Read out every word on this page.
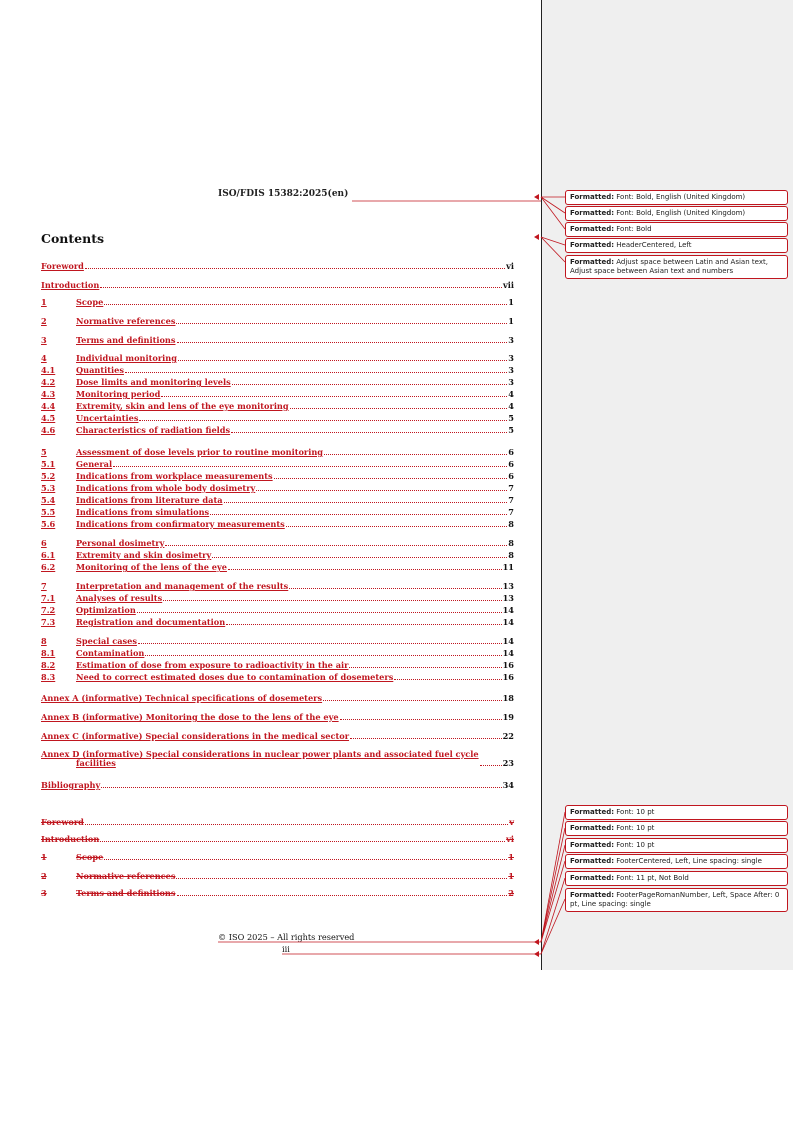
ISO/FDIS 15382:2025(en)
Contents
Foreword	vi
Introduction	vii
1	Scope	1
2	Normative references	1
3	Terms and definitions	3
4	Individual monitoring	3
4.1	Quantities	3
4.2	Dose limits and monitoring levels	3
4.3	Monitoring period	4
4.4	Extremity, skin and lens of the eye monitoring	4
4.5	Uncertainties	5
4.6	Characteristics of radiation fields	5
5	Assessment of dose levels prior to routine monitoring	6
5.1	General	6
5.2	Indications from workplace measurements	6
5.3	Indications from whole body dosimetry	7
5.4	Indications from literature data	7
5.5	Indications from simulations	7
5.6	Indications from confirmatory measurements	8
6	Personal dosimetry	8
6.1	Extremity and skin dosimetry	8
6.2	Monitoring of the lens of the eye	11
7	Interpretation and management of the results	13
7.1	Analyses of results	13
7.2	Optimization	14
7.3	Registration and documentation	14
8	Special cases	14
8.1	Contamination	14
8.2	Estimation of dose from exposure to radioactivity in the air	16
8.3	Need to correct estimated doses due to contamination of dosemeters	16
Annex A (informative) Technical specifications of dosemeters	18
Annex B (informative) Monitoring the dose to the lens of the eye	19
Annex C (informative) Special considerations in the medical sector	22
Annex D (informative) Special considerations in nuclear power plants and associated fuel cycle
facilities	23
Bibliography	34
Foreword	v
Introduction	vi
1	Scope	1
2	Normative references	1
3	Terms and definitions	2
© ISO 2025 – All rights reserved
iii
Formatted: Font: Bold, English (United Kingdom)
Formatted: Font: Bold, English (United Kingdom)
Formatted: Font: Bold
Formatted: HeaderCentered, Left
Formatted: Adjust space between Latin and Asian text, Adjust space between Asian text and numbers
Formatted: Font: 10 pt
Formatted: Font: 10 pt
Formatted: Font: 10 pt
Formatted: FooterCentered, Left, Line spacing: single
Formatted: Font: 11 pt, Not Bold
Formatted: FooterPageRomanNumber, Left, Space After: 0 pt, Line spacing: single
